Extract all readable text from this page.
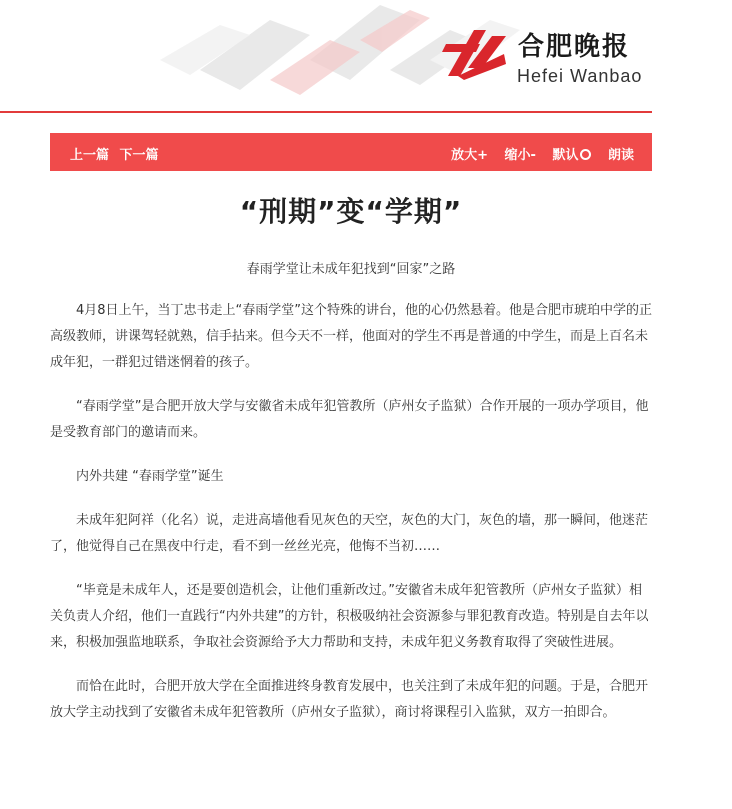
合肥晚报
Hefei Wanbao
上一篇 下一篇	放大+ 缩小- 默认 朗读
“刑期”变“学期”
春雨学堂让未成年犯找到“回家”之路

4月8日上午，当丁忠书走上“春雨学堂”这个特殊的讲台，他的心仍然悬着。他是合肥市琥珀中学的正高级教师，讲课驾轻就熟，信手拈来。但今天不一样，他面对的学生不再是普通的中学生，而是上百名未成年犯，一群犯过错迷惘着的孩子。

“春雨学堂”是合肥开放大学与安徽省未成年犯管教所（庐州女子监狱）合作开展的一项办学项目，他是受教育部门的邀请而来。

内外共建 “春雨学堂”诞生

未成年犯阿祥（化名）说，走进高墙他看见灰色的天空，灰色的大门，灰色的墙，那一瞬间，他迷茫了，他觉得自己在黑夜中行走，看不到一丝丝光亮，他悔不当初……

“毕竟是未成年人，还是要创造机会，让他们重新改过。”安徽省未成年犯管教所（庐州女子监狱）相关负责人介绍，他们一直践行“内外共建”的方针，积极吸纳社会资源参与罪犯教育改造。特别是自去年以来，积极加强监地联系，争取社会资源给予大力帮助和支持，未成年犯义务教育取得了突破性进展。

而恰在此时，合肥开放大学在全面推进终身教育发展中，也关注到了未成年犯的问题。于是，合肥开放大学主动找到了安徽省未成年犯管教所（庐州女子监狱），商讨将课程引入监狱，双方一拍即合。
